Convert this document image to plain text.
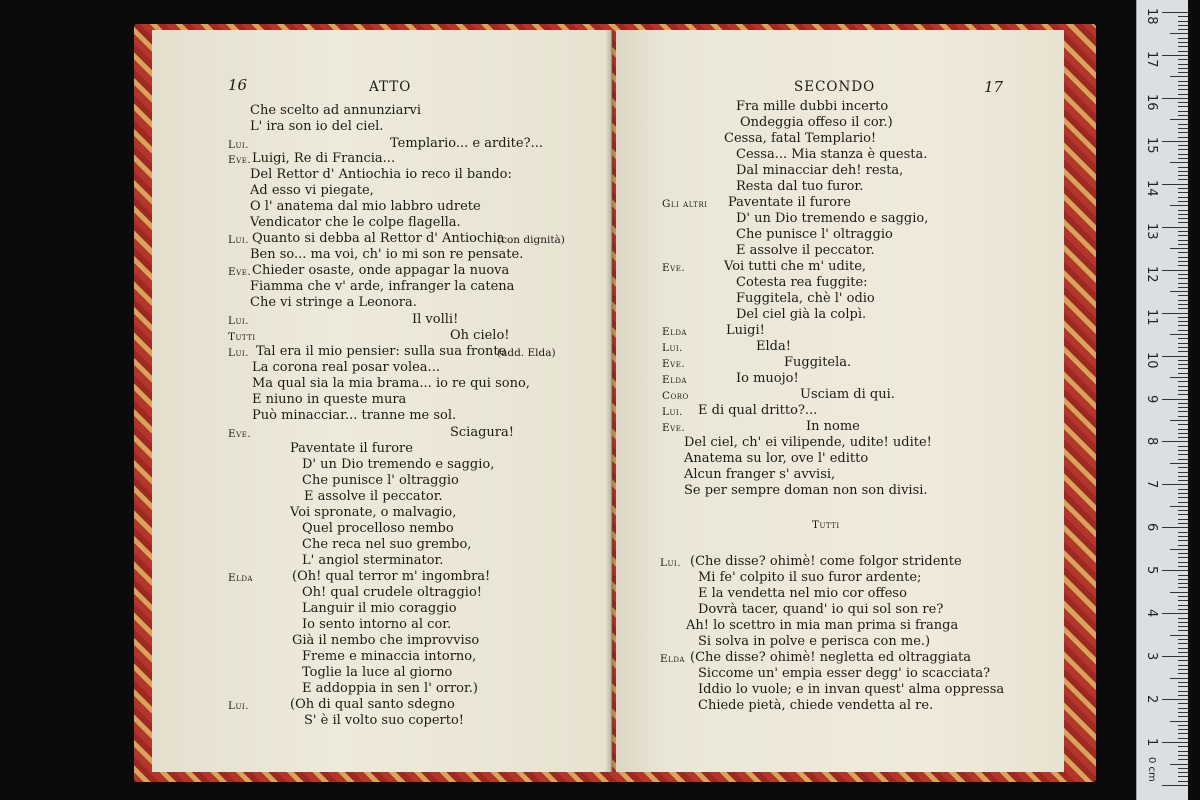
16	ATTO
Che scelto ad annunziarvi
L' ira son io del ciel.
Lui.	Templario... e ardite?...
Eve. Luigi, Re di Francia...
Del Rettor d' Antiochia io reco il bando:
Ad esso vi piegate,
O l' anatema dal mio labbro udrete
Vendicator che le colpe flagella.
Lui. Quanto si debba al Rettor d' Antiochia
(con dignità)
Ben so... ma voi, ch' io mi son re pensate.
Eve. Chieder osaste, onde appagar la nuova
Fiamma che v' arde, infranger la catena
Che vi stringe a Leonora.
Lui.	Il volli!
Tutti	Oh cielo!
Lui. Tal era il mio pensier: sulla sua fronte
(add. Elda)
La corona real posar volea...
Ma qual sia la mia brama... io re qui sono,
E niuno in queste mura
Può minacciar... tranne me sol.
Eve.	Sciagura!
Paventate il furore
D' un Dio tremendo e saggio,
Che punisce l' oltraggio
E assolve il peccator.
Voi spronate, o malvagio,
Quel procelloso nembo
Che reca nel suo grembo,
L' angiol sterminator.
Elda	(Oh! qual terror m' ingombra!
Oh! qual crudele oltraggio!
Languir il mio coraggio
Io sento intorno al cor.
Già il nembo che improvviso
Freme e minaccia intorno,
Toglie la luce al giorno
E addoppia in sen l' orror.)
Lui.	(Oh di qual santo sdegno
S' è il volto suo coperto!
SECONDO	17
Fra mille dubbi incerto
Ondeggia offeso il cor.)
Cessa, fatal Templario!
Cessa... Mia stanza è questa.
Dal minacciar deh! resta,
Resta dal tuo furor.
Gli altri Paventate il furore
D' un Dio tremendo e saggio,
Che punisce l' oltraggio
E assolve il peccator.
Eve.	Voi tutti che m' udite,
Cotesta rea fuggite:
Fuggitela, chè l' odio
Del ciel già la colpì.
Elda	Luigi!
Lui.	Elda!
Eve.	Fuggitela.
Elda	Io muojo!
Coro	Usciam di qui.
Lui. E di qual dritto?...
Eve.	In nome
Del ciel, ch' ei vilipende, udite! udite!
Anatema su lor, ove l' editto
Alcun franger s' avvisi,
Se per sempre doman non son divisi.
Tutti
Lui. (Che disse? ohimè! come folgor stridente
Mi fe' colpito il suo furor ardente;
E la vendetta nel mio cor offeso
Dovrà tacer, quand' io qui sol son re?
Ah! lo scettro in mia man prima si franga
Si solva in polve e perisca con me.)
Elda (Che disse? ohimè! negletta ed oltraggiata
Siccome un' empia esser degg' io scacciata?
Iddio lo vuole; e in invan quest' alma oppressa
Chiede pietà, chiede vendetta al re.
18
17
16
15
14
13
12
11
10
9
8
7
6
5
4
3
2
1
0 cm
